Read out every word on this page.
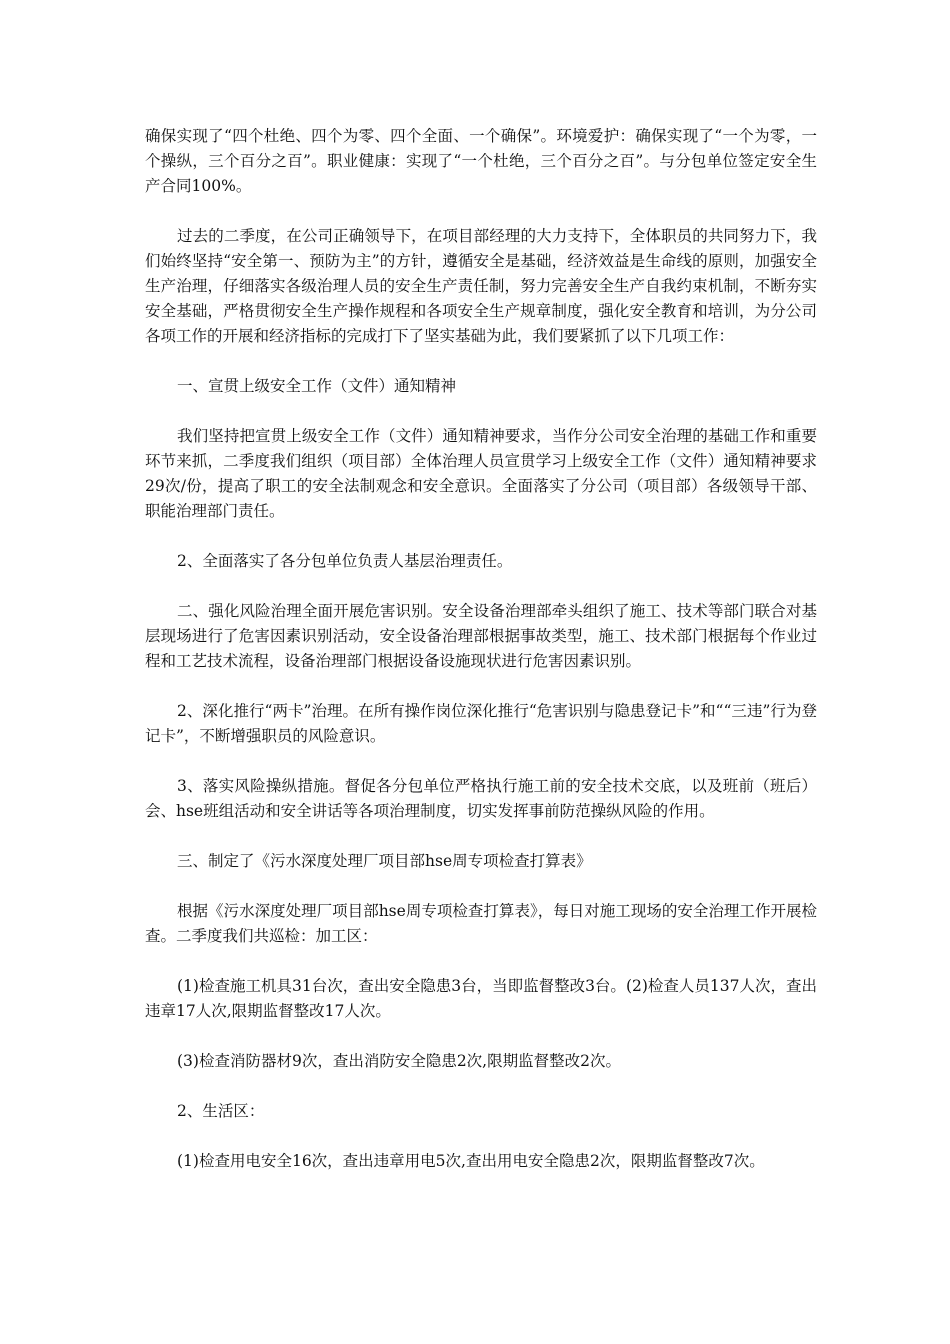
确保实现了“四个杜绝、四个为零、四个全面、一个确保”。环境爱护：确保实现了“一个为零，一个操纵，三个百分之百”。职业健康：实现了“一个杜绝，三个百分之百”。与分包单位签定安全生产合同100%。

过去的二季度，在公司正确领导下，在项目部经理的大力支持下，全体职员的共同努力下，我们始终坚持“安全第一、预防为主”的方针，遵循安全是基础，经济效益是生命线的原则，加强安全生产治理，仔细落实各级治理人员的安全生产责任制，努力完善安全生产自我约束机制，不断夯实安全基础，严格贯彻安全生产操作规程和各项安全生产规章制度，强化安全教育和培训，为分公司各项工作的开展和经济指标的完成打下了坚实基础为此，我们要紧抓了以下几项工作：

一、宣贯上级安全工作（文件）通知精神

我们坚持把宣贯上级安全工作（文件）通知精神要求，当作分公司安全治理的基础工作和重要环节来抓，二季度我们组织（项目部）全体治理人员宣贯学习上级安全工作（文件）通知精神要求29次/份，提高了职工的安全法制观念和安全意识。全面落实了分公司（项目部）各级领导干部、职能治理部门责任。

2、全面落实了各分包单位负责人基层治理责任。

二、强化风险治理全面开展危害识别。安全设备治理部牵头组织了施工、技术等部门联合对基层现场进行了危害因素识别活动，安全设备治理部根据事故类型，施工、技术部门根据每个作业过程和工艺技术流程，设备治理部门根据设备设施现状进行危害因素识别。

2、深化推行“两卡”治理。在所有操作岗位深化推行“危害识别与隐患登记卡”和““三违”行为登记卡”，不断增强职员的风险意识。

3、落实风险操纵措施。督促各分包单位严格执行施工前的安全技术交底，以及班前（班后）会、hse班组活动和安全讲话等各项治理制度，切实发挥事前防范操纵风险的作用。

三、制定了《污水深度处理厂项目部hse周专项检查打算表》

根据《污水深度处理厂项目部hse周专项检查打算表》，每日对施工现场的安全治理工作开展检查。二季度我们共巡检：加工区：

(1)检查施工机具31台次，查出安全隐患3台，当即监督整改3台。(2)检查人员137人次，查出违章17人次,限期监督整改17人次。

(3)检查消防器材9次，查出消防安全隐患2次,限期监督整改2次。

2、生活区：

(1)检查用电安全16次，查出违章用电5次,查出用电安全隐患2次，限期监督整改7次。
